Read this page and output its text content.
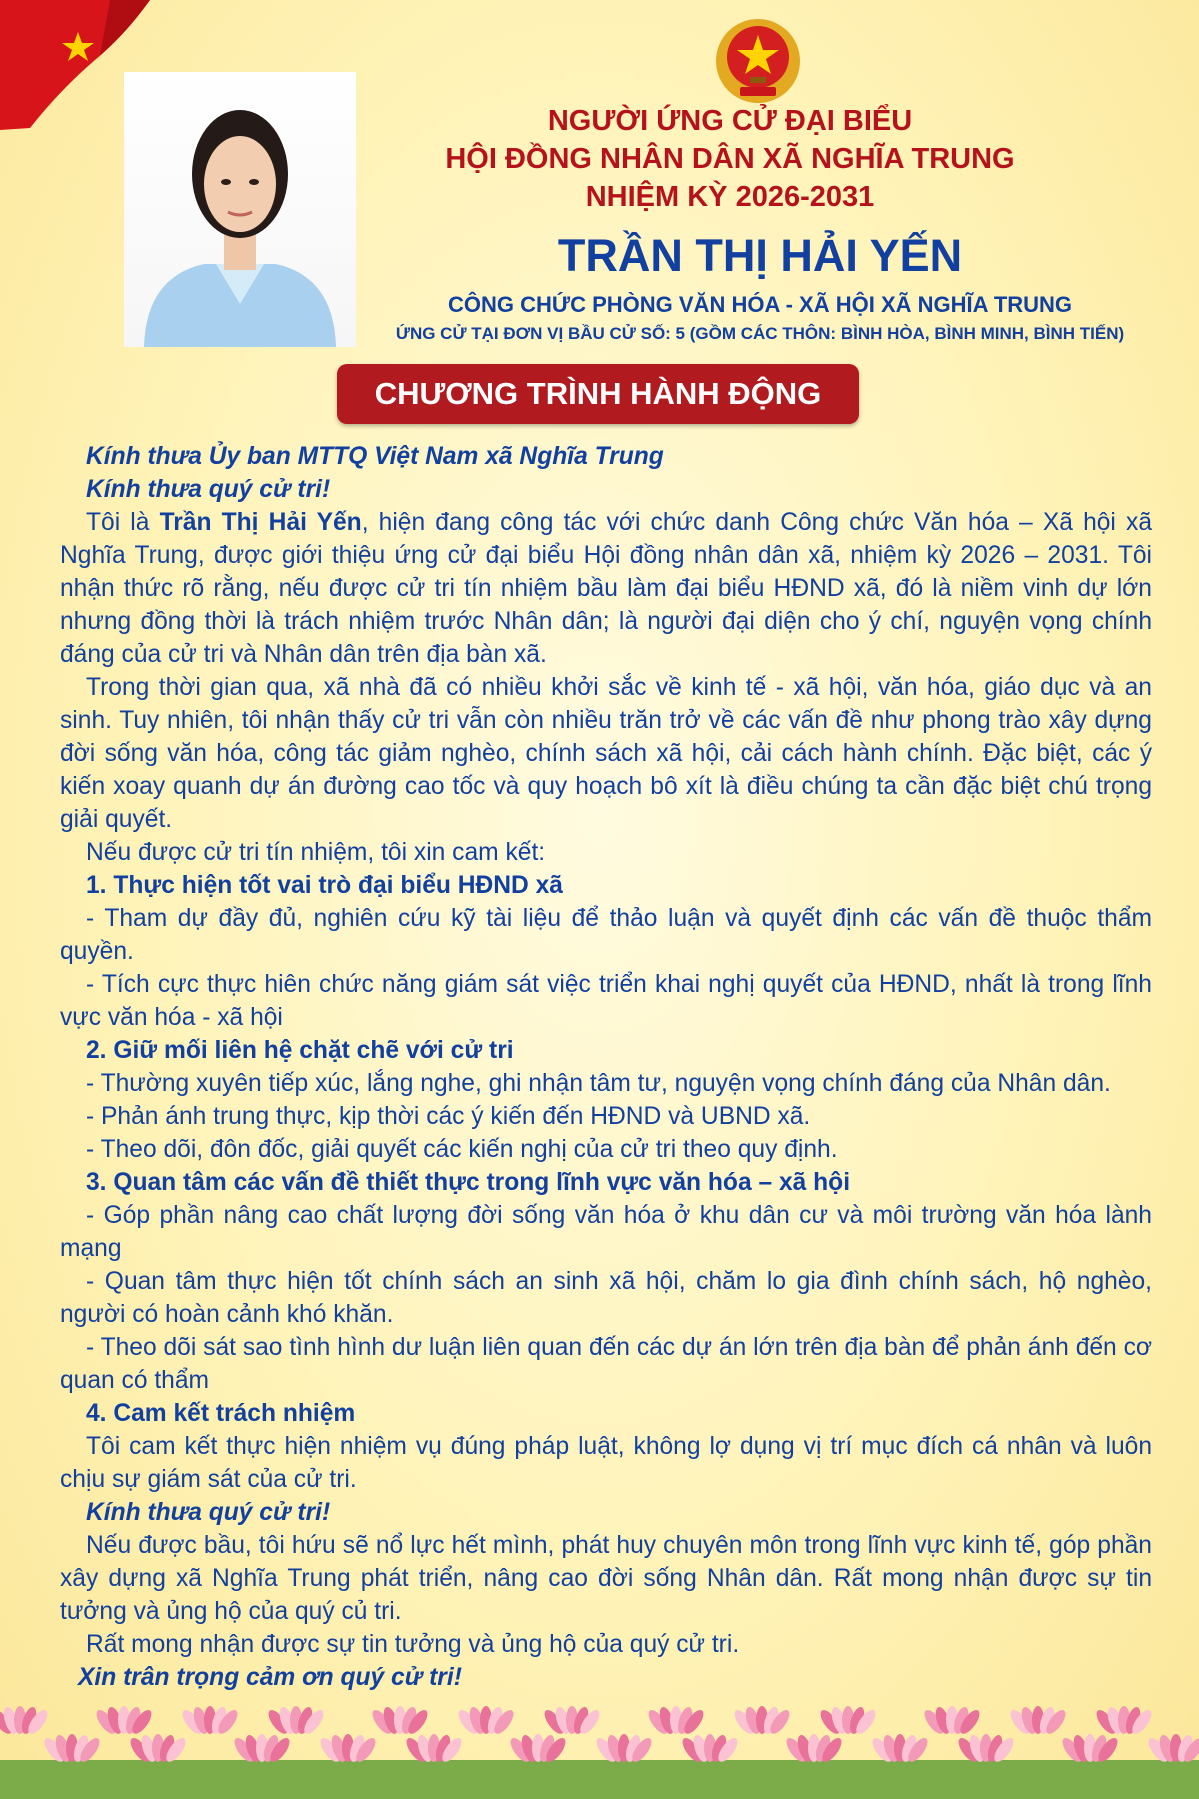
NGƯỜI ỨNG CỬ ĐẠI BIỂU
HỘI ĐỒNG NHÂN DÂN XÃ NGHĨA TRUNG
NHIỆM KỲ 2026-2031
TRẦN THỊ HẢI YẾN
CÔNG CHỨC PHÒNG VĂN HÓA - XÃ HỘI XÃ NGHĨA TRUNG
ỨNG CỬ TẠI ĐƠN VỊ BẦU CỬ SỐ: 5 (GỒM CÁC THÔN: BÌNH HÒA, BÌNH MINH, BÌNH TIẾN)
CHƯƠNG TRÌNH HÀNH ĐỘNG

Kính thưa Ủy ban MTTQ Việt Nam xã Nghĩa Trung

Kính thưa quý cử tri!

Tôi là Trần Thị Hải Yến, hiện đang công tác với chức danh Công chức Văn hóa – Xã hội xã Nghĩa Trung, được giới thiệu ứng cử đại biểu Hội đồng nhân dân xã, nhiệm kỳ 2026 – 2031. Tôi nhận thức rõ rằng, nếu được cử tri tín nhiệm bầu làm đại biểu HĐND xã, đó là niềm vinh dự lớn nhưng đồng thời là trách nhiệm trước Nhân dân; là người đại diện cho ý chí, nguyện vọng chính đáng của cử tri và Nhân dân trên địa bàn xã.

Trong thời gian qua, xã nhà đã có nhiều khởi sắc về kinh tế - xã hội, văn hóa, giáo dục và an sinh. Tuy nhiên, tôi nhận thấy cử tri vẫn còn nhiều trăn trở về các vấn đề như phong trào xây dựng đời sống văn hóa, công tác giảm nghèo, chính sách xã hội, cải cách hành chính. Đặc biệt, các ý kiến xoay quanh dự án đường cao tốc và quy hoạch bô xít là điều chúng ta cần đặc biệt chú trọng giải quyết.

Nếu được cử tri tín nhiệm, tôi xin cam kết:

1. Thực hiện tốt vai trò đại biểu HĐND xã

- Tham dự đầy đủ, nghiên cứu kỹ tài liệu để thảo luận và quyết định các vấn đề thuộc thẩm quyền.

- Tích cực thực hiên chức năng giám sát việc triển khai nghị quyết của HĐND, nhất là trong lĩnh vực văn hóa - xã hội

2. Giữ mối liên hệ chặt chẽ với cử tri

- Thường xuyên tiếp xúc, lắng nghe, ghi nhận tâm tư, nguyện vọng chính đáng của Nhân dân.

- Phản ánh trung thực, kịp thời các ý kiến đến HĐND và UBND xã.

- Theo dõi, đôn đốc, giải quyết các kiến nghị của cử tri theo quy định.

3. Quan tâm các vấn đề thiết thực trong lĩnh vực văn hóa – xã hội

- Góp phần nâng cao chất lượng đời sống văn hóa ở khu dân cư và môi trường văn hóa lành mạng

- Quan tâm thực hiện tốt chính sách an sinh xã hội, chăm lo gia đình chính sách, hộ nghèo, người có hoàn cảnh khó khăn.

- Theo dõi sát sao tình hình dư luận liên quan đến các dự án lớn trên địa bàn để phản ánh đến cơ quan có thẩm

4. Cam kết trách nhiệm

Tôi cam kết thực hiện nhiệm vụ đúng pháp luật, không lợ dụng vị trí mục đích cá nhân và luôn chịu sự giám sát của cử tri.

Kính thưa quý cử tri!

Nếu được bầu, tôi hứu sẽ nổ lực hết mình, phát huy chuyên môn trong lĩnh vực kinh tế, góp phần xây dựng xã Nghĩa Trung phát triển, nâng cao đời sống Nhân dân. Rất mong nhận được sự tin tưởng và ủng hộ của quý củ tri.

Rất mong nhận được sự tin tưởng và ủng hộ của quý cử tri.

Xin trân trọng cảm ơn quý cử tri!
